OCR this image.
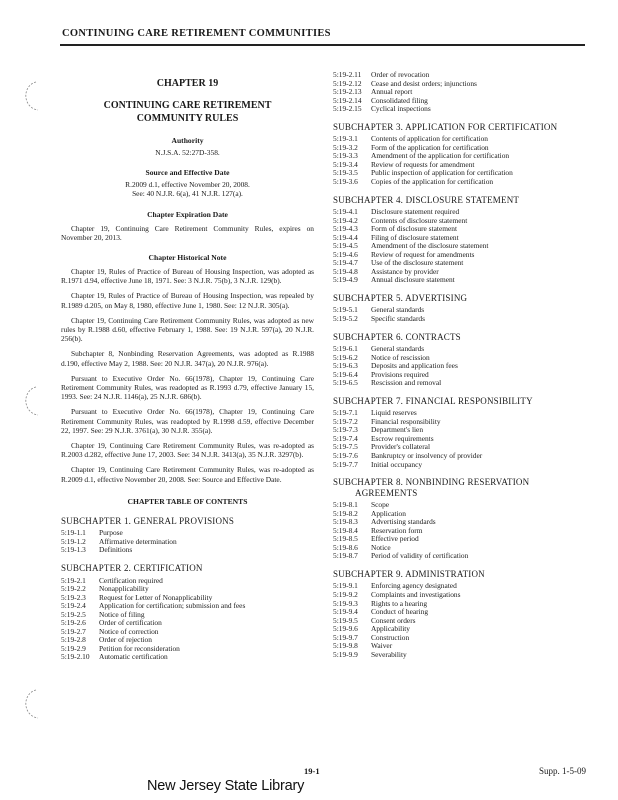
CONTINUING CARE RETIREMENT COMMUNITIES
CHAPTER 19
CONTINUING CARE RETIREMENT COMMUNITY RULES
Authority
N.J.S.A. 52:27D-358.
Source and Effective Date
R.2009 d.1, effective November 20, 2008.
See: 40 N.J.R. 6(a), 41 N.J.R. 127(a).
Chapter Expiration Date

Chapter 19, Continuing Care Retirement Community Rules, expires on November 20, 2013.

Chapter Historical Note

Chapter 19, Rules of Practice of Bureau of Housing Inspection, was adopted as R.1971 d.94, effective June 18, 1971. See: 3 N.J.R. 75(b), 3 N.J.R. 129(b).

Chapter 19, Rules of Practice of Bureau of Housing Inspection, was repealed by R.1989 d.205, on May 8, 1980, effective June 1, 1980. See: 12 N.J.R. 305(a).

Chapter 19, Continuing Care Retirement Community Rules, was adopted as new rules by R.1988 d.60, effective February 1, 1988. See: 19 N.J.R. 597(a), 20 N.J.R. 256(b).

Subchapter 8, Nonbinding Reservation Agreements, was adopted as R.1988 d.190, effective May 2, 1988. See: 20 N.J.R. 347(a), 20 N.J.R. 976(a).

Pursuant to Executive Order No. 66(1978), Chapter 19, Continuing Care Retirement Community Rules, was readopted as R.1993 d.79, effective January 15, 1993. See: 24 N.J.R. 1146(a), 25 N.J.R. 686(b).

Pursuant to Executive Order No. 66(1978), Chapter 19, Continuing Care Retirement Community Rules, was readopted by R.1998 d.59, effective December 22, 1997. See: 29 N.J.R. 3761(a), 30 N.J.R. 355(a).

Chapter 19, Continuing Care Retirement Community Rules, was re-adopted as R.2003 d.282, effective June 17, 2003. See: 34 N.J.R. 3413(a), 35 N.J.R. 3297(b).

Chapter 19, Continuing Care Retirement Community Rules, was re-adopted as R.2009 d.1, effective November 20, 2008. See: Source and Effective Date.

CHAPTER TABLE OF CONTENTS
SUBCHAPTER 1. GENERAL PROVISIONS
5:19-1.1	Purpose
5:19-1.2	Affirmative determination
5:19-1.3	Definitions
SUBCHAPTER 2. CERTIFICATION
5:19-2.1	Certification required
5:19-2.2	Nonapplicability
5:19-2.3	Request for Letter of Nonapplicability
5:19-2.4	Application for certification; submission and fees
5:19-2.5	Notice of filing
5:19-2.6	Order of certification
5:19-2.7	Notice of correction
5:19-2.8	Order of rejection
5:19-2.9	Petition for reconsideration
5:19-2.10	Automatic certification
5:19-2.11	Order of revocation
5:19-2.12	Cease and desist orders; injunctions
5:19-2.13	Annual report
5:19-2.14	Consolidated filing
5:19-2.15	Cyclical inspections
SUBCHAPTER 3. APPLICATION FOR CERTIFICATION
5:19-3.1	Contents of application for certification
5:19-3.2	Form of the application for certification
5:19-3.3	Amendment of the application for certification
5:19-3.4	Review of requests for amendment
5:19-3.5	Public inspection of application for certification
5:19-3.6	Copies of the application for certification
SUBCHAPTER 4. DISCLOSURE STATEMENT
5:19-4.1	Disclosure statement required
5:19-4.2	Contents of disclosure statement
5:19-4.3	Form of disclosure statement
5:19-4.4	Filing of disclosure statement
5:19-4.5	Amendment of the disclosure statement
5:19-4.6	Review of request for amendments
5:19-4.7	Use of the disclosure statement
5:19-4.8	Assistance by provider
5:19-4.9	Annual disclosure statement
SUBCHAPTER 5. ADVERTISING
5:19-5.1	General standards
5:19-5.2	Specific standards
SUBCHAPTER 6. CONTRACTS
5:19-6.1	General standards
5:19-6.2	Notice of rescission
5:19-6.3	Deposits and application fees
5:19-6.4	Provisions required
5:19-6.5	Rescission and removal
SUBCHAPTER 7. FINANCIAL RESPONSIBILITY
5:19-7.1	Liquid reserves
5:19-7.2	Financial responsibility
5:19-7.3	Department's lien
5:19-7.4	Escrow requirements
5:19-7.5	Provider's collateral
5:19-7.6	Bankruptcy or insolvency of provider
5:19-7.7	Initial occupancy
SUBCHAPTER 8. NONBINDING RESERVATION
AGREEMENTS
5:19-8.1	Scope
5:19-8.2	Application
5:19-8.3	Advertising standards
5:19-8.4	Reservation form
5:19-8.5	Effective period
5:19-8.6	Notice
5:19-8.7	Period of validity of certification
SUBCHAPTER 9. ADMINISTRATION
5:19-9.1	Enforcing agency designated
5:19-9.2	Complaints and investigations
5:19-9.3	Rights to a hearing
5:19-9.4	Conduct of hearing
5:19-9.5	Consent orders
5:19-9.6	Applicability
5:19-9.7	Construction
5:19-9.8	Waiver
5:19-9.9	Severability
19-1	Supp. 1-5-09
New Jersey State Library
